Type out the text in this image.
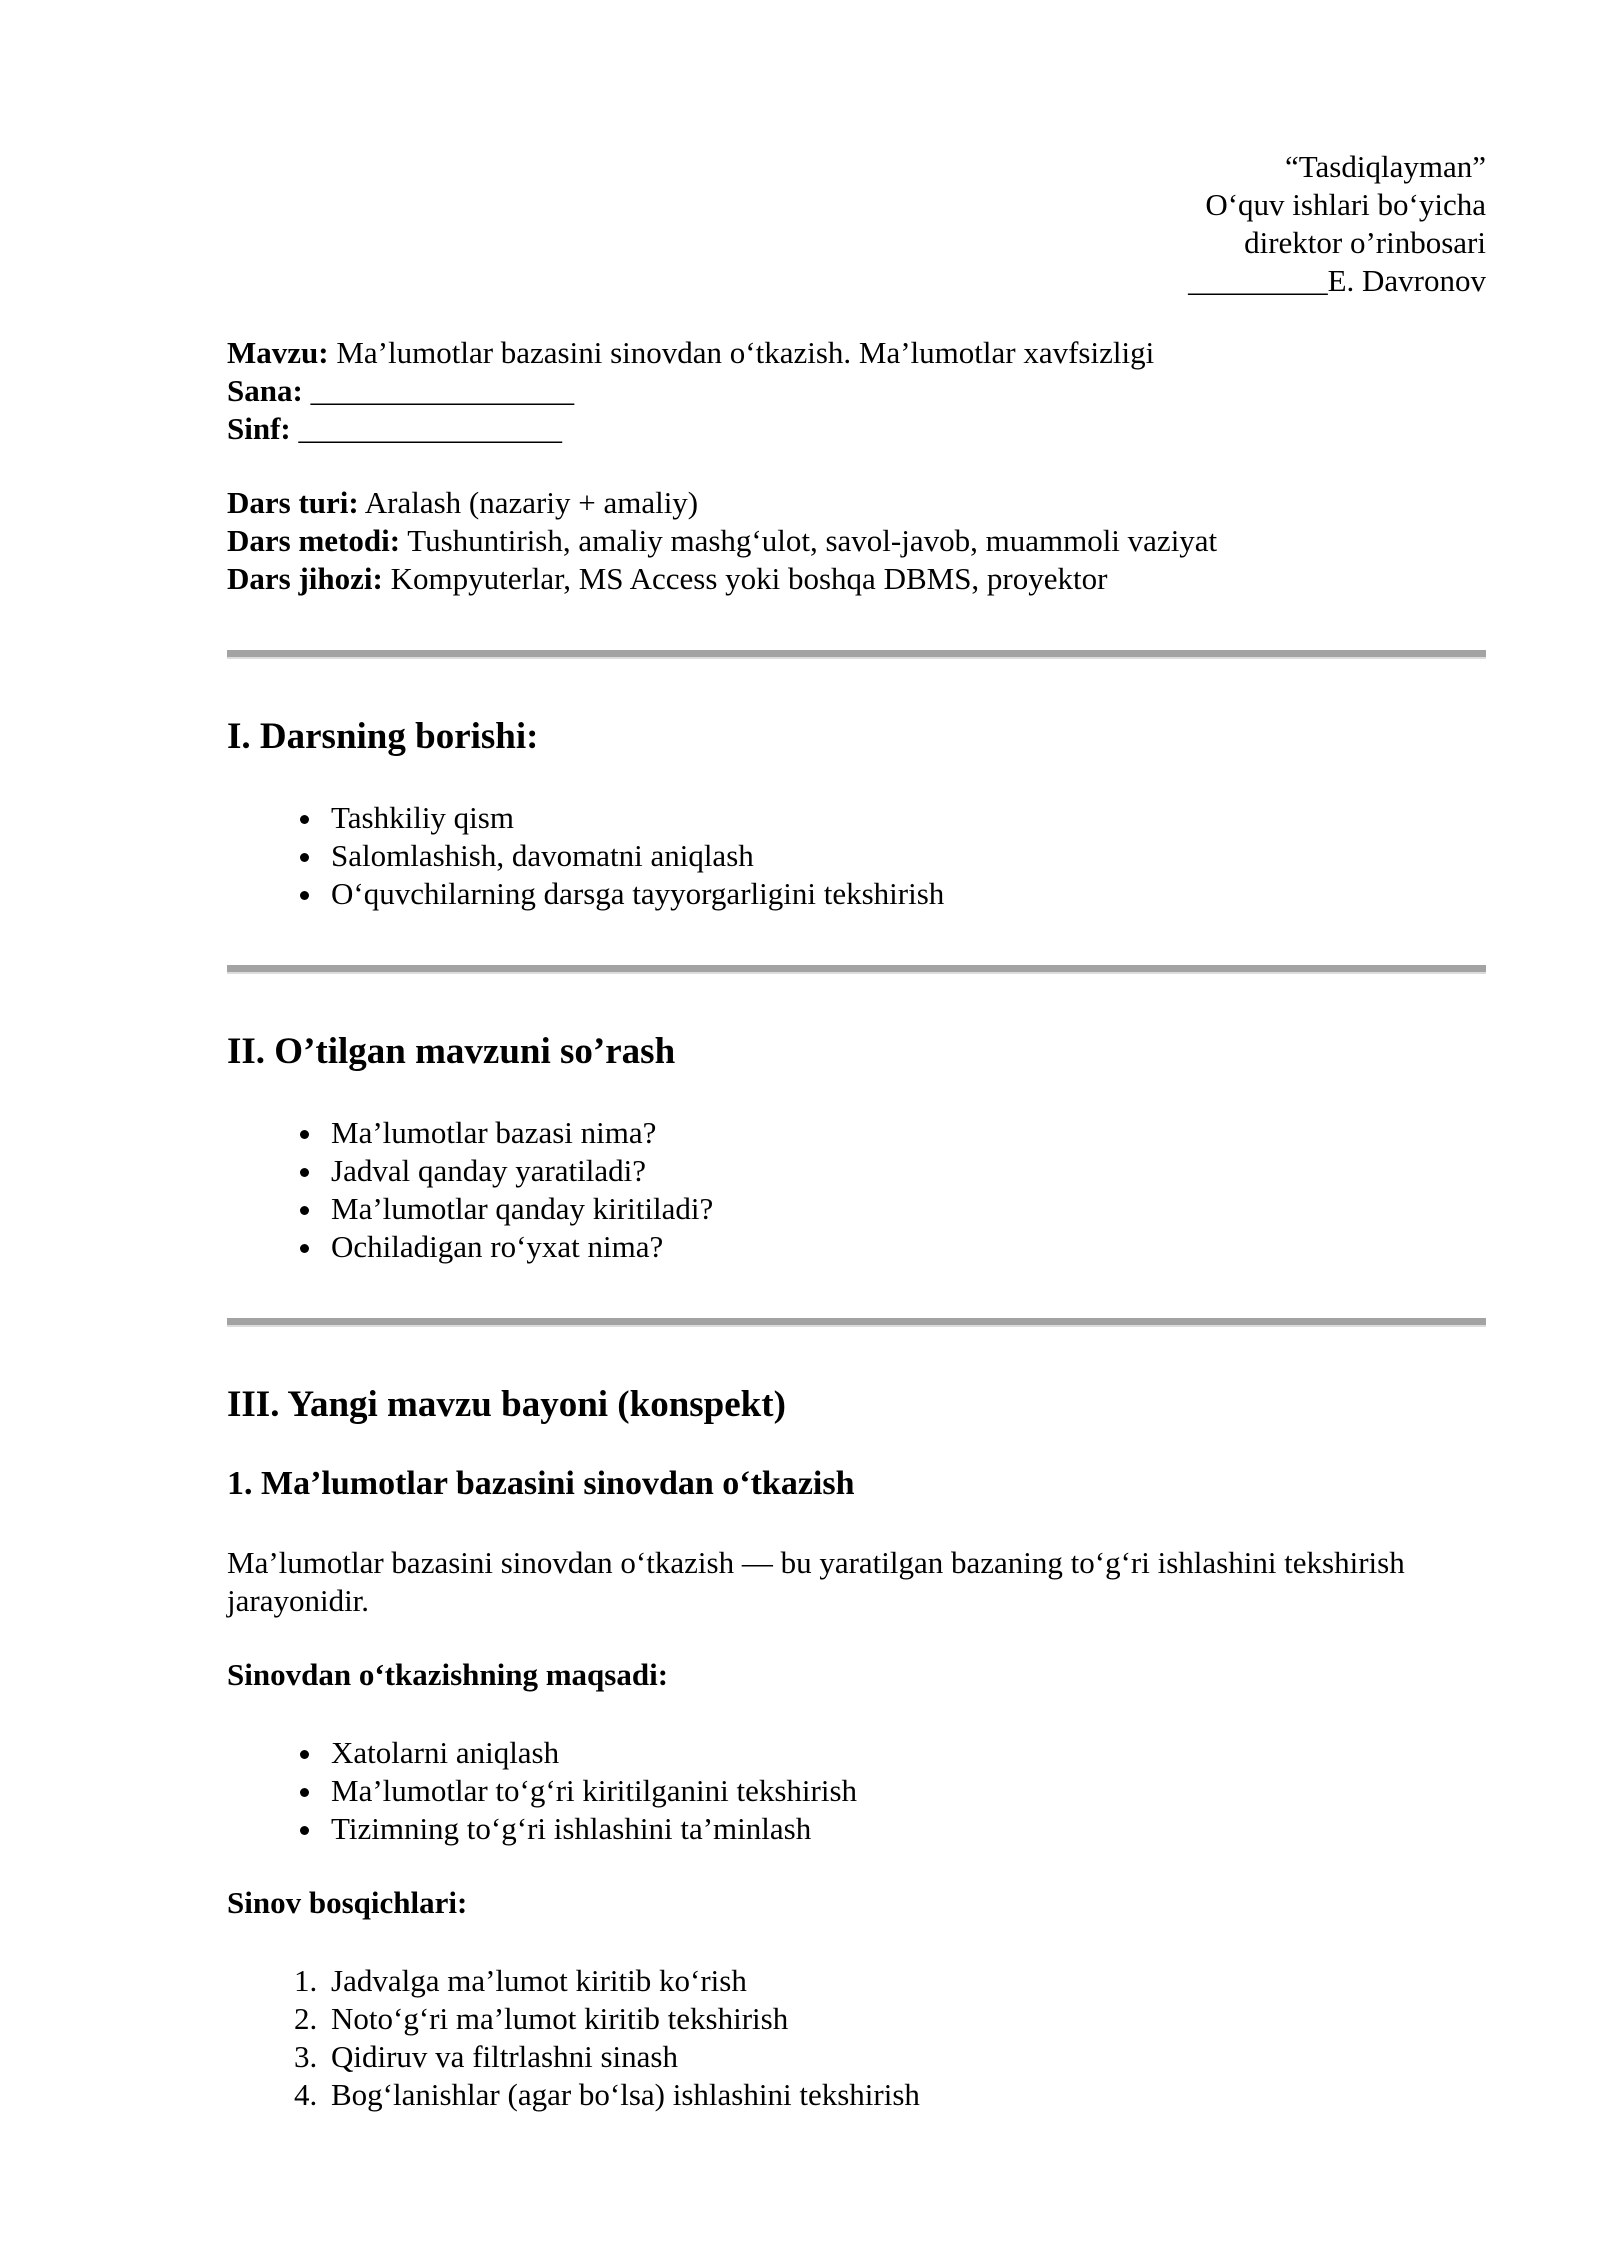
“Tasdiqlayman”
O‘quv ishlari bo‘yicha
direktor o’rinbosari
_________E. Davronov

Mavzu: Ma’lumotlar bazasini sinovdan o‘tkazish. Ma’lumotlar xavfsizligi

Sana: _________________

Sinf: _________________

Dars turi: Aralash (nazariy + amaliy)

Dars metodi: Tushuntirish, amaliy mashg‘ulot, savol-javob, muammoli vaziyat

Dars jihozi: Kompyuterlar, MS Access yoki boshqa DBMS, proyektor

I. Darsning borishi:
• Tashkiliy qism
• Salomlashish, davomatni aniqlash
• O‘quvchilarning darsga tayyorgarligini tekshirish
II. O’tilgan mavzuni so’rash
• Ma’lumotlar bazasi nima?
• Jadval qanday yaratiladi?
• Ma’lumotlar qanday kiritiladi?
• Ochiladigan ro‘yxat nima?
III. Yangi mavzu bayoni (konspekt)
1. Ma’lumotlar bazasini sinovdan o‘tkazish

Ma’lumotlar bazasini sinovdan o‘tkazish — bu yaratilgan bazaning to‘g‘ri ishlashini tekshirish jarayonidir.

Sinovdan o‘tkazishning maqsadi:

• Xatolarni aniqlash
• Ma’lumotlar to‘g‘ri kiritilganini tekshirish
• Tizimning to‘g‘ri ishlashini ta’minlash

Sinov bosqichlari:

1. Jadvalga ma’lumot kiritib ko‘rish
2. Noto‘g‘ri ma’lumot kiritib tekshirish
3. Qidiruv va filtrlashni sinash
4. Bog‘lanishlar (agar bo‘lsa) ishlashini tekshirish
